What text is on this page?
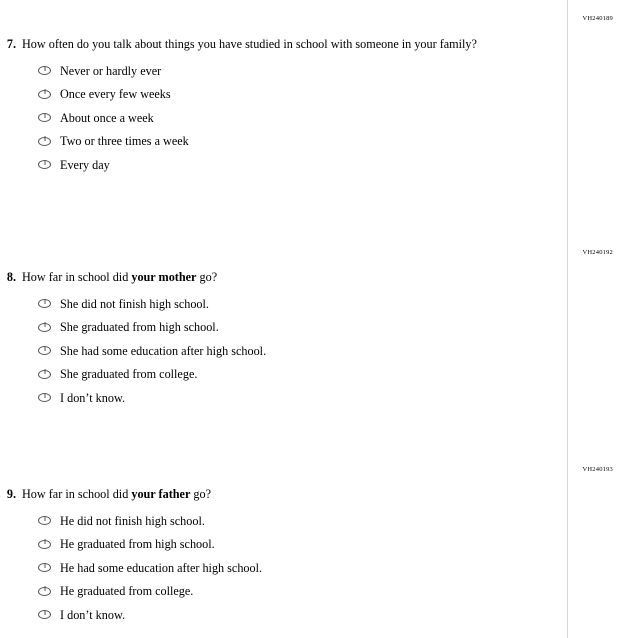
VH240189
7. How often do you talk about things you have studied in school with someone in your family?
Never or hardly ever
Once every few weeks
About once a week
Two or three times a week
Every day
VH240192
8. How far in school did your mother go?
She did not finish high school.
She graduated from high school.
She had some education after high school.
She graduated from college.
I don’t know.
VH240193
9. How far in school did your father go?
He did not finish high school.
He graduated from high school.
He had some education after high school.
He graduated from college.
I don’t know.
